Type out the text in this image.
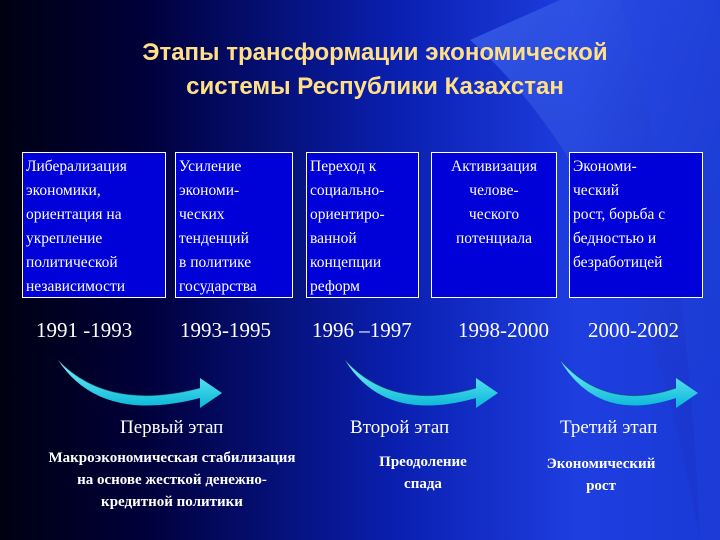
Этапы трансформации экономической
системы Республики Казахстан
Либерализация
экономики,
ориентация на
укрепление
политической
независимости
Усиление
экономи-
ческих
тенденций
в политике
государства
Переход к
социально-
ориентиро-
ванной
концепции
реформ
Активизация
челове-
ческого
потенциала
Экономи-
ческий
рост, борьба с
бедностью и
безработицей
1991 -1993 1993-1995 1996 –1997 1998-2000 2000-2002
Первый этап	Второй этап	Третий этап
Макроэкономическая стабилизация
на основе жесткой денежно-
кредитной политики
Преодоление
спада
Экономический
рост
